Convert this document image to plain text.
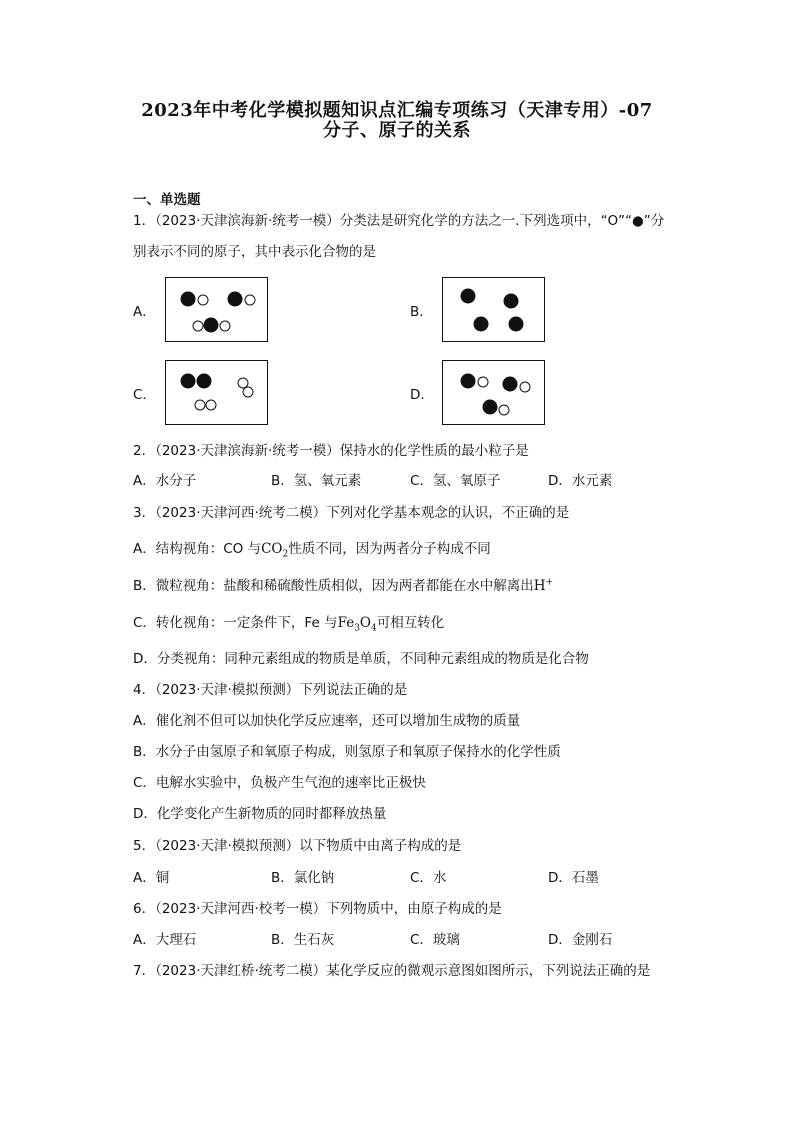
2023年中考化学模拟题知识点汇编专项练习（天津专用）-07
分子、原子的关系
一、单选题
1．（2023·天津滨海新·统考一模）分类法是研究化学的方法之一.下列选项中，“O”“●”分
别表示不同的原子，其中表示化合物的是
A．	B．
C．	D．
2．（2023·天津滨海新·统考一模）保持水的化学性质的最小粒子是
A．水分子	B．氢、氧元素	C．氢、氧原子	D．水元素
3．（2023·天津河西·统考二模）下列对化学基本观念的认识，不正确的是
A．结构视角：CO 与$CO_2$性质不同，因为两者分子构成不同
B．微粒视角：盐酸和稀硫酸性质相似，因为两者都能在水中解离出H+
C．转化视角：一定条件下，Fe 与$Fe_3O_4$可相互转化
D．分类视角：同种元素组成的物质是单质，不同种元素组成的物质是化合物
4．（2023·天津·模拟预测）下列说法正确的是
A．催化剂不但可以加快化学反应速率，还可以增加生成物的质量
B．水分子由氢原子和氧原子构成，则氢原子和氧原子保持水的化学性质
C．电解水实验中，负极产生气泡的速率比正极快
D．化学变化产生新物质的同时都释放热量
5．（2023·天津·模拟预测）以下物质中由离子构成的是
A．铜	B．氯化钠	C．水	D．石墨
6．（2023·天津河西·校考一模）下列物质中，由原子构成的是
A．大理石	B．生石灰	C．玻璃	D．金刚石
7．（2023·天津红桥·统考二模）某化学反应的微观示意图如图所示，下列说法正确的是
